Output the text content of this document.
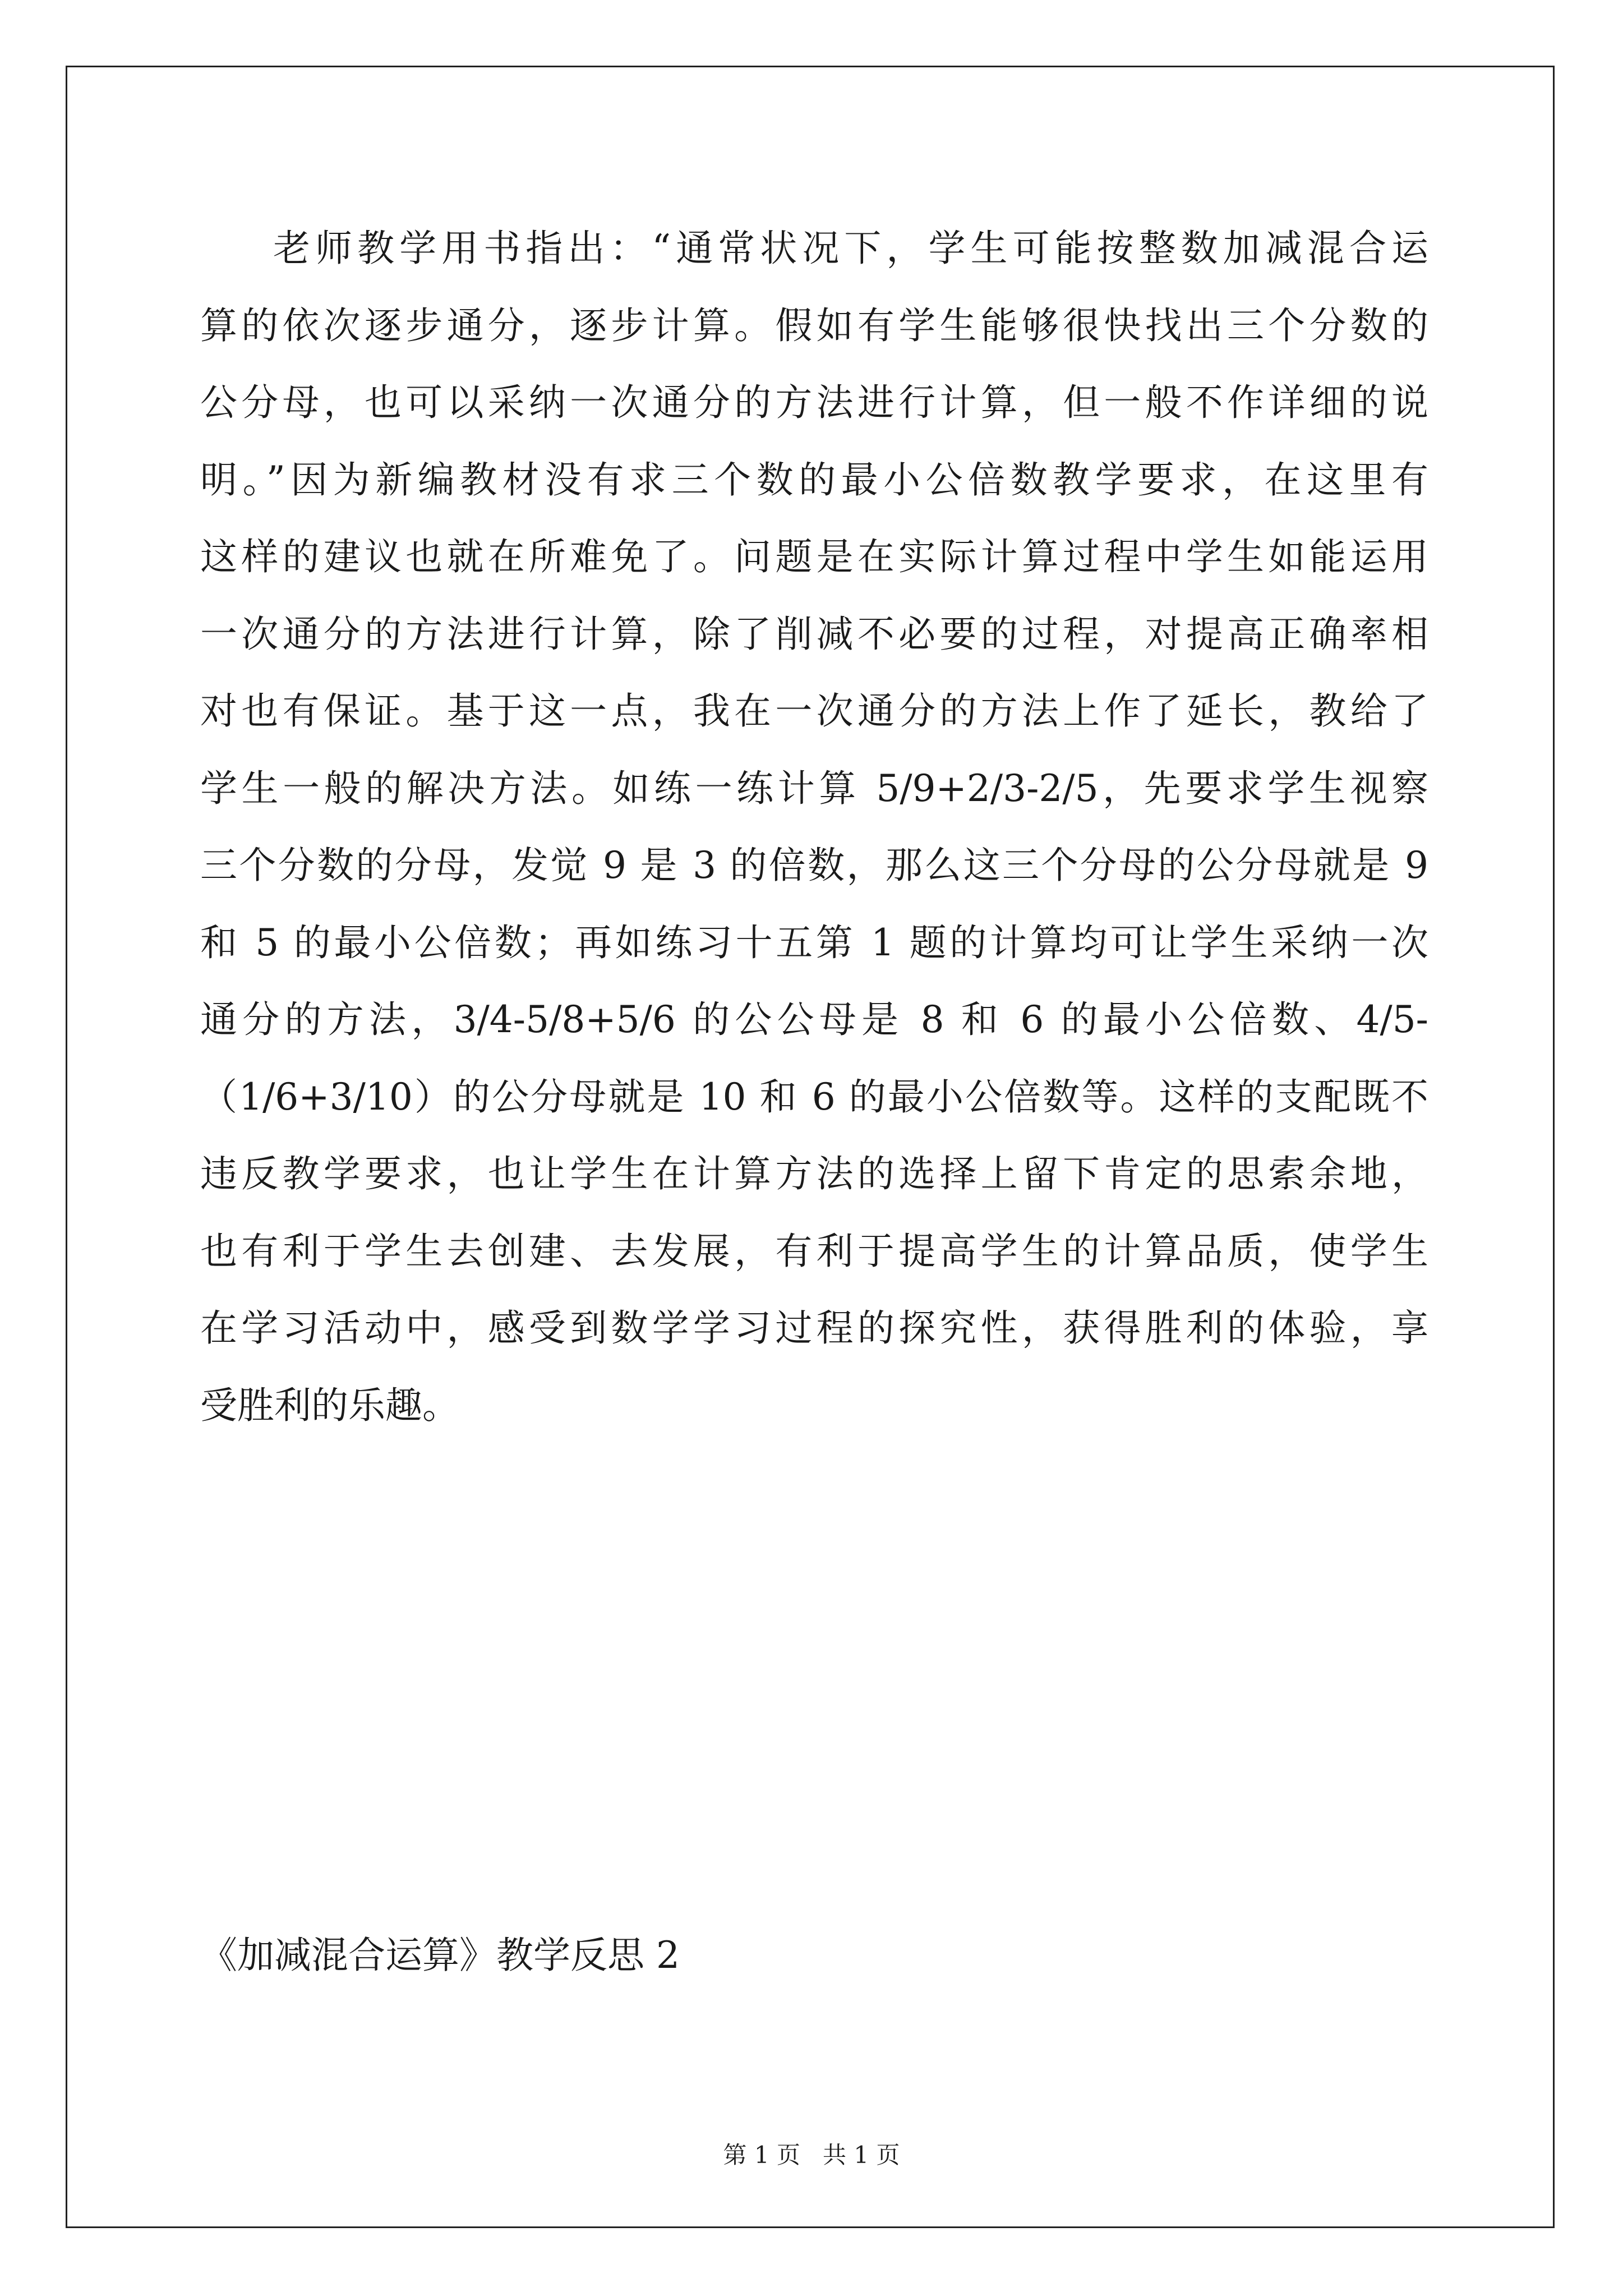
老师教学用书指出：“通常状况下，学生可能按整数加减混合运
算的依次逐步通分，逐步计算。假如有学生能够很快找出三个分数的
公分母，也可以采纳一次通分的方法进行计算，但一般不作详细的说
明。”因为新编教材没有求三个数的最小公倍数教学要求，在这里有
这样的建议也就在所难免了。问题是在实际计算过程中学生如能运用
一次通分的方法进行计算，除了削减不必要的过程，对提高正确率相
对也有保证。基于这一点，我在一次通分的方法上作了延长，教给了
学生一般的解决方法。如练一练计算 5/9+2/3-2/5，先要求学生视察
三个分数的分母，发觉 9 是 3 的倍数，那么这三个分母的公分母就是 9
和 5 的最小公倍数；再如练习十五第 1 题的计算均可让学生采纳一次
通分的方法，3/4-5/8+5/6 的公公母是 8 和 6 的最小公倍数、4/5-
（1/6+3/10）的公分母就是 10 和 6 的最小公倍数等。这样的支配既不
违反教学要求，也让学生在计算方法的选择上留下肯定的思索余地，
也有利于学生去创建、去发展，有利于提高学生的计算品质，使学生
在学习活动中，感受到数学学习过程的探究性，获得胜利的体验，享
受胜利的乐趣。
《加减混合运算》教学反思 2
第 1 页   共 1 页
